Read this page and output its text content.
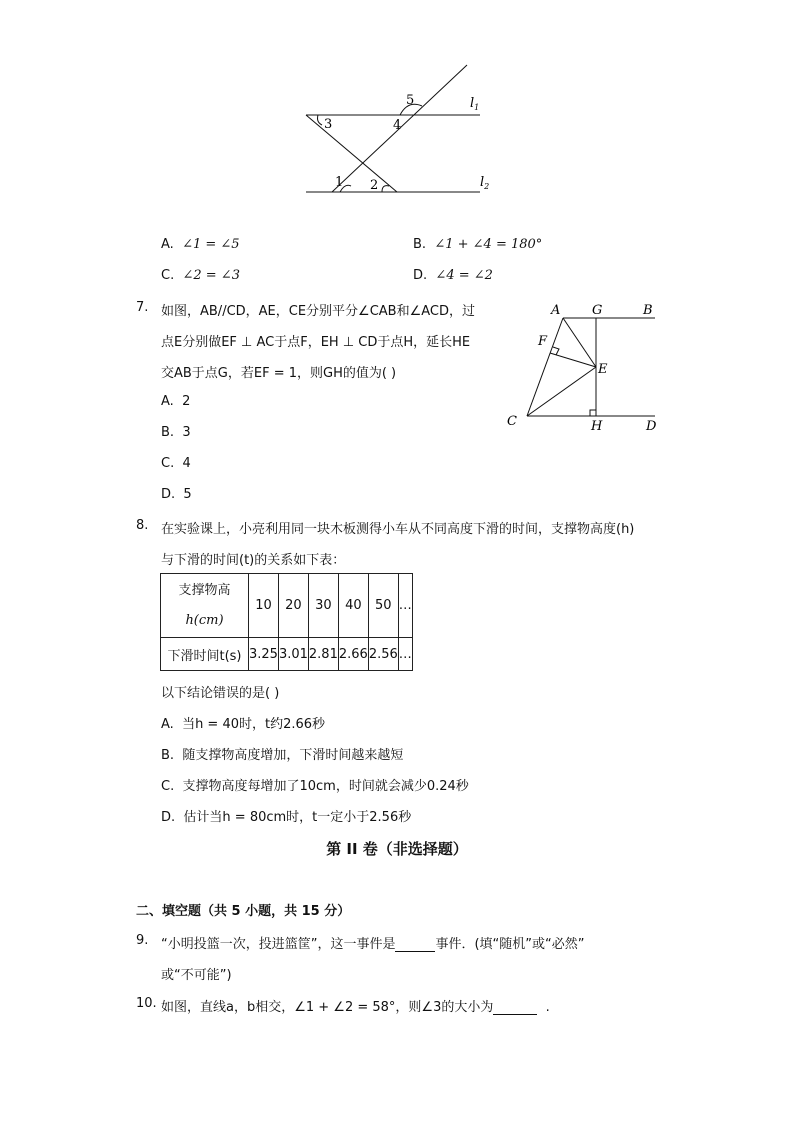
5
4
3
1 2
$l_1$
$l_2$
A. ∠1 = ∠5	B. ∠1 + ∠4 = 180°
C. ∠2 = ∠3	D. ∠4 = ∠2
7. 如图，AB//CD，AE，CE分别平分∠CAB和∠ACD，过
点E分别做EF ⊥ AC于点F，EH ⊥ CD于点H，延长HE
交AB于点G，若EF = 1，则GH的值为( )
A. 2
B. 3
C. 4
D. 5
A G	B
F
E
C	H	D
8. 在实验课上，小亮利用同一块木板测得小车从不同高度下滑的时间，支撑物高度(h)
与下滑的时间(t)的关系如下表：
支撑物高
h(cm)	10	20	30	40	50	…
下滑时间t(s)	3.25	3.01	2.81	2.66	2.56	…
以下结论错误的是( )
A. 当h = 40时，t约2.66秒
B. 随支撑物高度增加，下滑时间越来越短
C. 支撑物高度每增加了10cm，时间就会减少0.24秒
D. 估计当h = 80cm时，t一定小于2.56秒
第 II 卷（非选择题）
二、填空题（共 5 小题，共 15 分）
9. “小明投篮一次，投进篮筐”，这一事件是	事件．(填“随机”或“必然”
或“不可能”)
10. 如图，直线a，b相交，∠1 + ∠2 = 58°，则∠3的大小为	.
